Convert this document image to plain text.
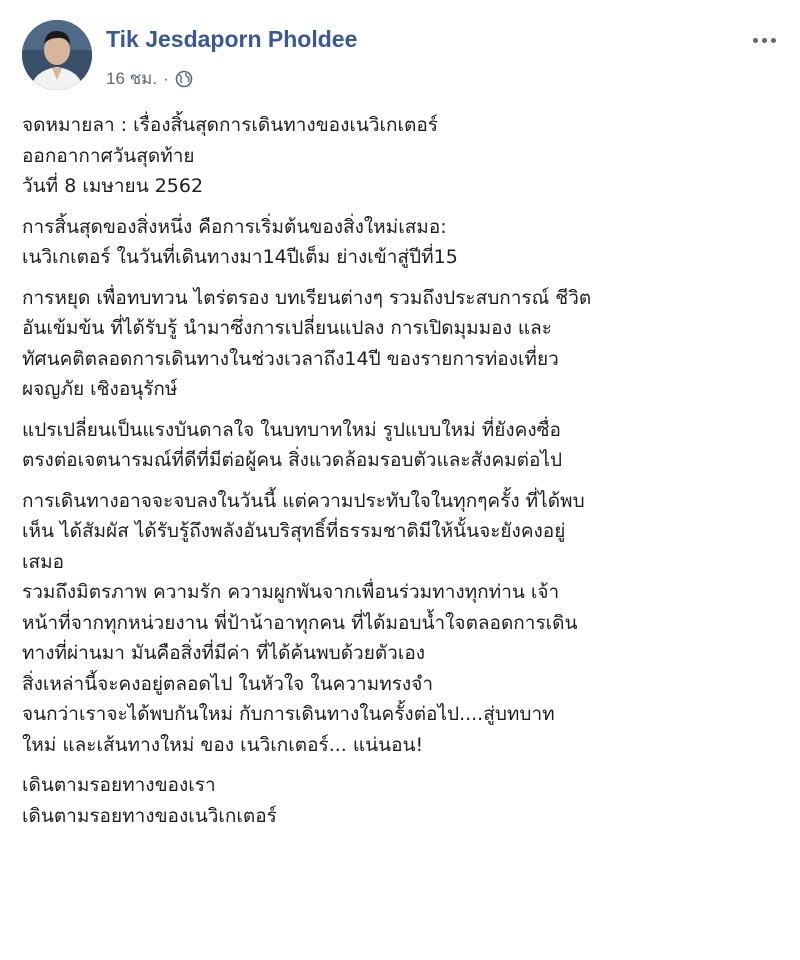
Tik Jesdaporn Pholdee
16 ชม. ·
จดหมายลา : เรื่องสิ้นสุดการเดินทางของเนวิเกเตอร์
ออกอากาศวันสุดท้าย
วันที่ 8 เมษายน 2562
การสิ้นสุดของสิ่งหนึ่ง คือการเริ่มต้นของสิ่งใหม่เสมอ:
เนวิเกเตอร์ ในวันที่เดินทางมา14ปีเต็ม ย่างเข้าสู่ปีที่15
การหยุด เพื่อทบทวน ไตร่ตรอง บทเรียนต่างๆ รวมถึงประสบการณ์ ชีวิต
อันเข้มข้น ที่ได้รับรู้ นำมาซึ่งการเปลี่ยนแปลง การเปิดมุมมอง และ
ทัศนคติตลอดการเดินทางในช่วงเวลาถึง14ปี ของรายการท่องเที่ยว
ผจญภัย เชิงอนุรักษ์
แปรเปลี่ยนเป็นแรงบันดาลใจ ในบทบาทใหม่ รูปแบบใหม่ ที่ยังคงซื่อ
ตรงต่อเจตนารมณ์ที่ดีที่มีต่อผู้คน สิ่งแวดล้อมรอบตัวและสังคมต่อไป
การเดินทางอาจจะจบลงในวันนี้ แต่ความประทับใจในทุกๆครั้ง ที่ได้พบ
เห็น ได้สัมผัส ได้รับรู้ถึงพลังอันบริสุทธิ์ที่ธรรมชาติมีให้นั้นจะยังคงอยู่
เสมอ
รวมถึงมิตรภาพ ความรัก ความผูกพันจากเพื่อนร่วมทางทุกท่าน เจ้า
หน้าที่จากทุกหน่วยงาน พี่ป้าน้าอาทุกคน ที่ได้มอบน้ำใจตลอดการเดิน
ทางที่ผ่านมา มันคือสิ่งที่มีค่า ที่ได้ค้นพบด้วยตัวเอง
สิ่งเหล่านี้จะคงอยู่ตลอดไป ในหัวใจ ในความทรงจำ
จนกว่าเราจะได้พบกันใหม่ กับการเดินทางในครั้งต่อไป....สู่บทบาท
ใหม่ และเส้นทางใหม่ ของ เนวิเกเตอร์... แน่นอน!
เดินตามรอยทางของเรา
เดินตามรอยทางของเนวิเกเตอร์
